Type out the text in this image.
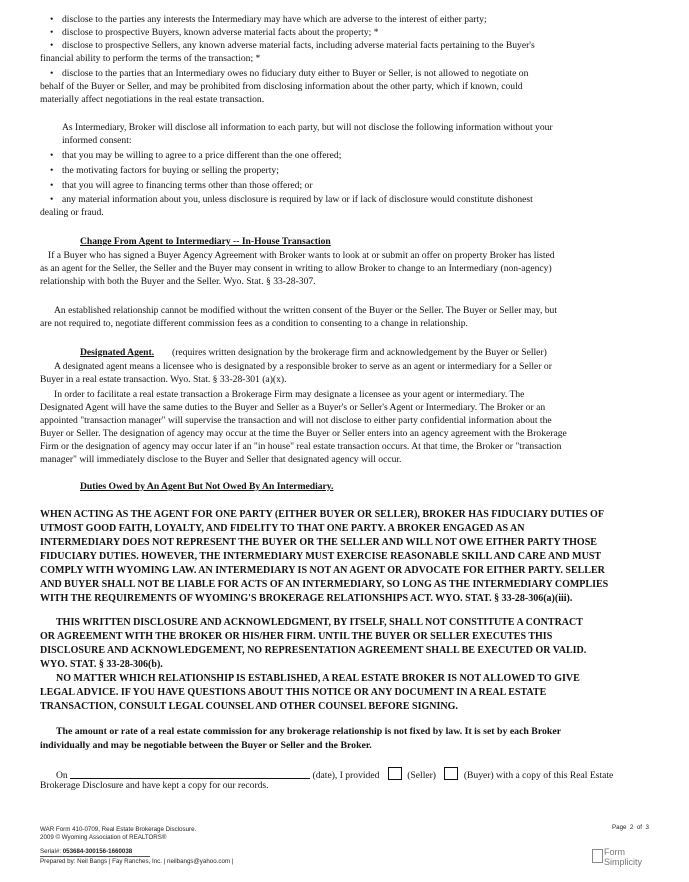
• disclose to the parties any interests the Intermediary may have which are adverse to the interest of either party;
• disclose to prospective Buyers, known adverse material facts about the property; *
• disclose to prospective Sellers, any known adverse material facts, including adverse material facts pertaining to the Buyer's
financial ability to perform the terms of the transaction; *
• disclose to the parties that an Intermediary owes no fiduciary duty either to Buyer or Seller, is not allowed to negotiate on
behalf of the Buyer or Seller, and may be prohibited from disclosing information about the other party, which if known, could
materially affect negotiations in the real estate transaction.
As Intermediary, Broker will disclose all information to each party, but will not disclose the following information without your
informed consent:
• that you may be willing to agree to a price different than the one offered;
• the motivating factors for buying or selling the property;
• that you will agree to financing terms other than those offered; or
• any material information about you, unless disclosure is required by law or if lack of disclosure would constitute dishonest
dealing or fraud.
Change From Agent to Intermediary -- In-House Transaction
If a Buyer who has signed a Buyer Agency Agreement with Broker wants to look at or submit an offer on property Broker has listed
as an agent for the Seller, the Seller and the Buyer may consent in writing to allow Broker to change to an Intermediary (non-agency)
relationship with both the Buyer and the Seller. Wyo. Stat. § 33-28-307.
An established relationship cannot be modified without the written consent of the Buyer or the Seller. The Buyer or Seller may, but
are not required to, negotiate different commission fees as a condition to consenting to a change in relationship.
Designated Agent. (requires written designation by the brokerage firm and acknowledgement by the Buyer or Seller)
A designated agent means a licensee who is designated by a responsible broker to serve as an agent or intermediary for a Seller or
Buyer in a real estate transaction. Wyo. Stat. § 33-28-301 (a)(x).
In order to facilitate a real estate transaction a Brokerage Firm may designate a licensee as your agent or intermediary. The
Designated Agent will have the same duties to the Buyer and Seller as a Buyer's or Seller's Agent or Intermediary. The Broker or an
appointed "transaction manager" will supervise the transaction and will not disclose to either party confidential information about the
Buyer or Seller. The designation of agency may occur at the time the Buyer or Seller enters into an agency agreement with the Brokerage
Firm or the designation of agency may occur later if an "in house" real estate transaction occurs. At that time, the Broker or "transaction
manager" will immediately disclose to the Buyer and Seller that designated agency will occur.
Duties Owed by An Agent But Not Owed By An Intermediary.
WHEN ACTING AS THE AGENT FOR ONE PARTY (EITHER BUYER OR SELLER), BROKER HAS FIDUCIARY DUTIES OF
UTMOST GOOD FAITH, LOYALTY, AND FIDELITY TO THAT ONE PARTY. A BROKER ENGAGED AS AN
INTERMEDIARY DOES NOT REPRESENT THE BUYER OR THE SELLER AND WILL NOT OWE EITHER PARTY THOSE
FIDUCIARY DUTIES. HOWEVER, THE INTERMEDIARY MUST EXERCISE REASONABLE SKILL AND CARE AND MUST
COMPLY WITH WYOMING LAW. AN INTERMEDIARY IS NOT AN AGENT OR ADVOCATE FOR EITHER PARTY. SELLER
AND BUYER SHALL NOT BE LIABLE FOR ACTS OF AN INTERMEDIARY, SO LONG AS THE INTERMEDIARY COMPLIES
WITH THE REQUIREMENTS OF WYOMING'S BROKERAGE RELATIONSHIPS ACT. WYO. STAT. § 33-28-306(a)(iii).
THIS WRITTEN DISCLOSURE AND ACKNOWLEDGMENT, BY ITSELF, SHALL NOT CONSTITUTE A CONTRACT
OR AGREEMENT WITH THE BROKER OR HIS/HER FIRM. UNTIL THE BUYER OR SELLER EXECUTES THIS
DISCLOSURE AND ACKNOWLEDGEMENT, NO REPRESENTATION AGREEMENT SHALL BE EXECUTED OR VALID.
WYO. STAT. § 33-28-306(b).
NO MATTER WHICH RELATIONSHIP IS ESTABLISHED, A REAL ESTATE BROKER IS NOT ALLOWED TO GIVE
LEGAL ADVICE. IF YOU HAVE QUESTIONS ABOUT THIS NOTICE OR ANY DOCUMENT IN A REAL ESTATE
TRANSACTION, CONSULT LEGAL COUNSEL AND OTHER COUNSEL BEFORE SIGNING.
The amount or rate of a real estate commission for any brokerage relationship is not fixed by law. It is set by each Broker
individually and may be negotiable between the Buyer or Seller and the Broker.
On	(date), I provided	(Seller)	(Buyer) with a copy of this Real Estate
Brokerage Disclosure and have kept a copy for our records.
WAR Form 410-0709, Real Estate Brokerage Disclosure.
2009 © Wyoming Association of REALTORS®
Page 2 of 3
Serial#: 053684-300156-1660038
Prepared by: Neil Bangs | Fay Ranches, Inc. | neilbangs@yahoo.com |
Form
Simplicity
